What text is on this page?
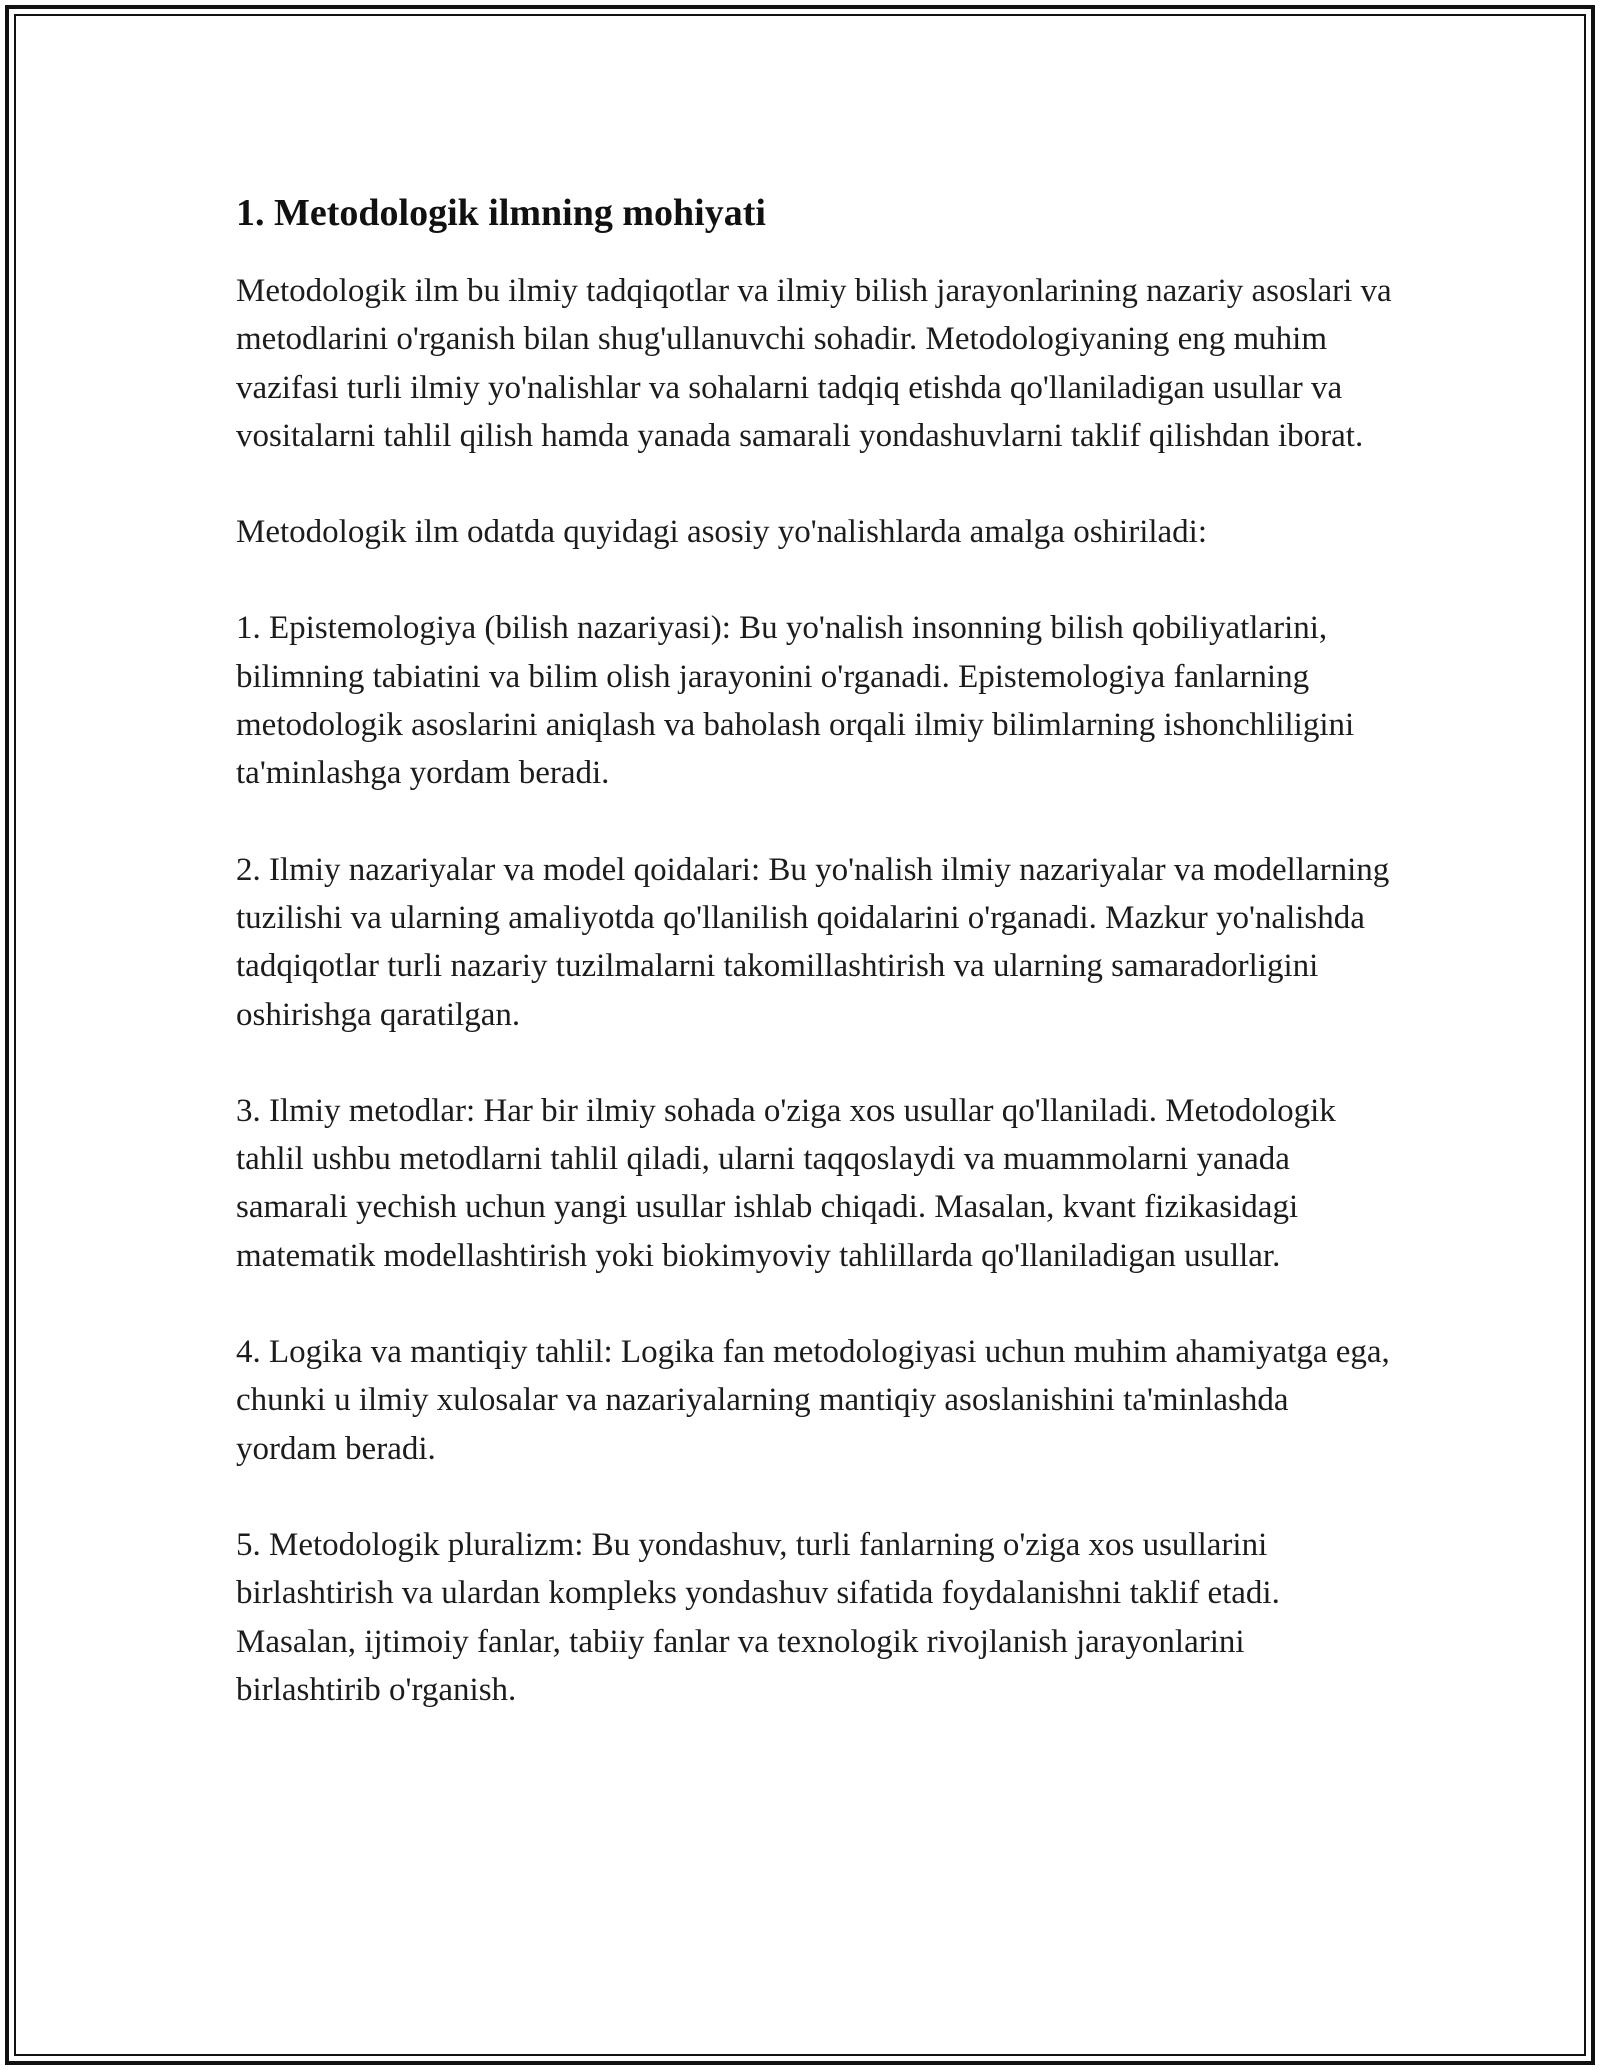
1. Metodologik ilmning mohiyati

Metodologik ilm bu ilmiy tadqiqotlar va ilmiy bilish jarayonlarining nazariy asoslari va metodlarini o'rganish bilan shug'ullanuvchi sohadir. Metodologiyaning eng muhim vazifasi turli ilmiy yo'nalishlar va sohalarni tadqiq etishda qo'llaniladigan usullar va vositalarni tahlil qilish hamda yanada samarali yondashuvlarni taklif qilishdan iborat.

Metodologik ilm odatda quyidagi asosiy yo'nalishlarda amalga oshiriladi:

1. Epistemologiya (bilish nazariyasi): Bu yo'nalish insonning bilish qobiliyatlarini, bilimning tabiatini va bilim olish jarayonini o'rganadi. Epistemologiya fanlarning metodologik asoslarini aniqlash va baholash orqali ilmiy bilimlarning ishonchliligini ta'minlashga yordam beradi.

2. Ilmiy nazariyalar va model qoidalari: Bu yo'nalish ilmiy nazariyalar va modellarning tuzilishi va ularning amaliyotda qo'llanilish qoidalarini o'rganadi. Mazkur yo'nalishda tadqiqotlar turli nazariy tuzilmalarni takomillashtirish va ularning samaradorligini oshirishga qaratilgan.

3. Ilmiy metodlar: Har bir ilmiy sohada o'ziga xos usullar qo'llaniladi. Metodologik tahlil ushbu metodlarni tahlil qiladi, ularni taqqoslaydi va muammolarni yanada samarali yechish uchun yangi usullar ishlab chiqadi. Masalan, kvant fizikasidagi matematik modellashtirish yoki biokimyoviy tahlillarda qo'llaniladigan usullar.

4. Logika va mantiqiy tahlil: Logika fan metodologiyasi uchun muhim ahamiyatga ega, chunki u ilmiy xulosalar va nazariyalarning mantiqiy asoslanishini ta'minlashda yordam beradi.

5. Metodologik pluralizm: Bu yondashuv, turli fanlarning o'ziga xos usullarini birlashtirish va ulardan kompleks yondashuv sifatida foydalanishni taklif etadi. Masalan, ijtimoiy fanlar, tabiiy fanlar va texnologik rivojlanish jarayonlarini birlashtirib o'rganish.
